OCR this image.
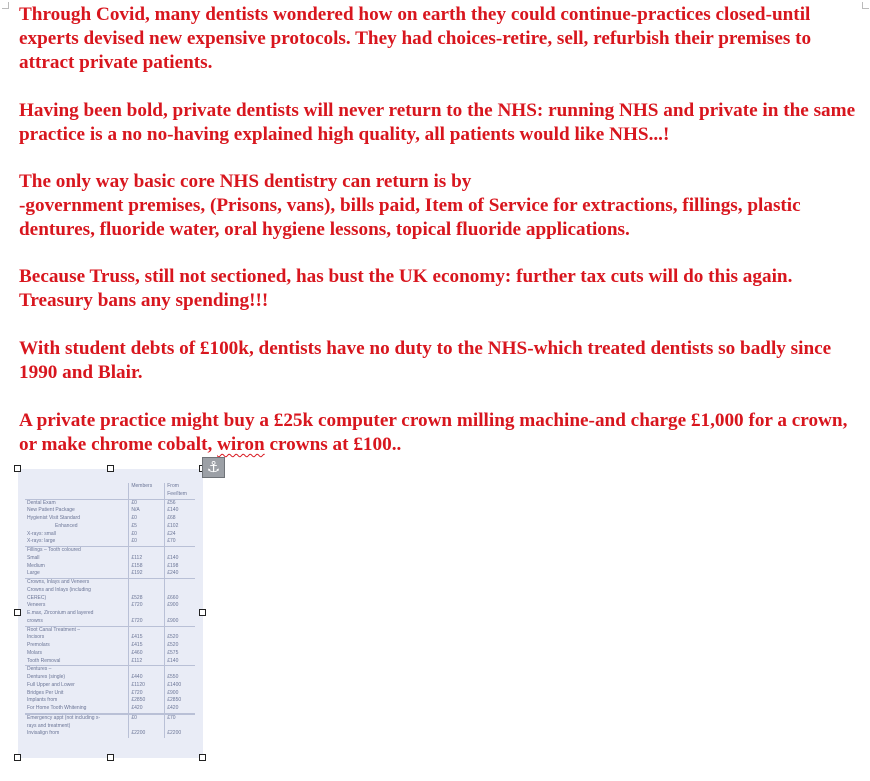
Through Covid, many dentists wondered how on earth they could continue-practices closed-until experts devised new expensive protocols. They had choices-retire, sell, refurbish their premises to attract private patients.

Having been bold, private dentists will never return to the NHS: running NHS and private in the same practice is a no no-having explained high quality, all patients would like NHS...!

The only way basic core NHS dentistry can return is by

-government premises, (Prisons, vans), bills paid, Item of Service for extractions, fillings, plastic dentures, fluoride water, oral hygiene lessons, topical fluoride applications.

Because Truss, still not sectioned, has bust the UK economy: further tax cuts will do this again. Treasury bans any spending!!!

With student debts of £100k, dentists have no duty to the NHS-which treated dentists so badly since 1990 and Blair.

A private practice might buy a £25k computer crown milling machine-and charge £1,000 for a crown, or make chrome cobalt, wiron crowns at £100..

	Members	From
		Fee/Item
Dental Exam	£0	£56
New Patient Package	N/A	£140
Hygienist Visit Standard	£0	£68
Enhanced	£5	£102
X-rays: small	£0	£24
X-rays: large	£0	£70
Fillings – Tooth coloured		
Small	£112	£140
Medium	£158	£198
Large	£192	£240
Crowns, Inlays and Veneers		
Crowns and Inlays (including		
CEREC)	£528	£660
Veneers	£720	£900
E.max, Zirconium and layered		
crowns	£720	£900
Root Canal Treatment –		
Incisors	£415	£520
Premolars	£415	£520
Molars	£460	£575
Tooth Removal	£112	£140
Dentures –		
Dentures (single)	£440	£550
Full Upper and Lower	£1120	£1400
Bridges Per Unit	£720	£900
Implants from	£2850	£2850
For Home Tooth Whitening	£420	£420

Emergency appt (not including x-	£0	£70
rays and treatment)		
Invisalign from	£2200	£2200
⚓
